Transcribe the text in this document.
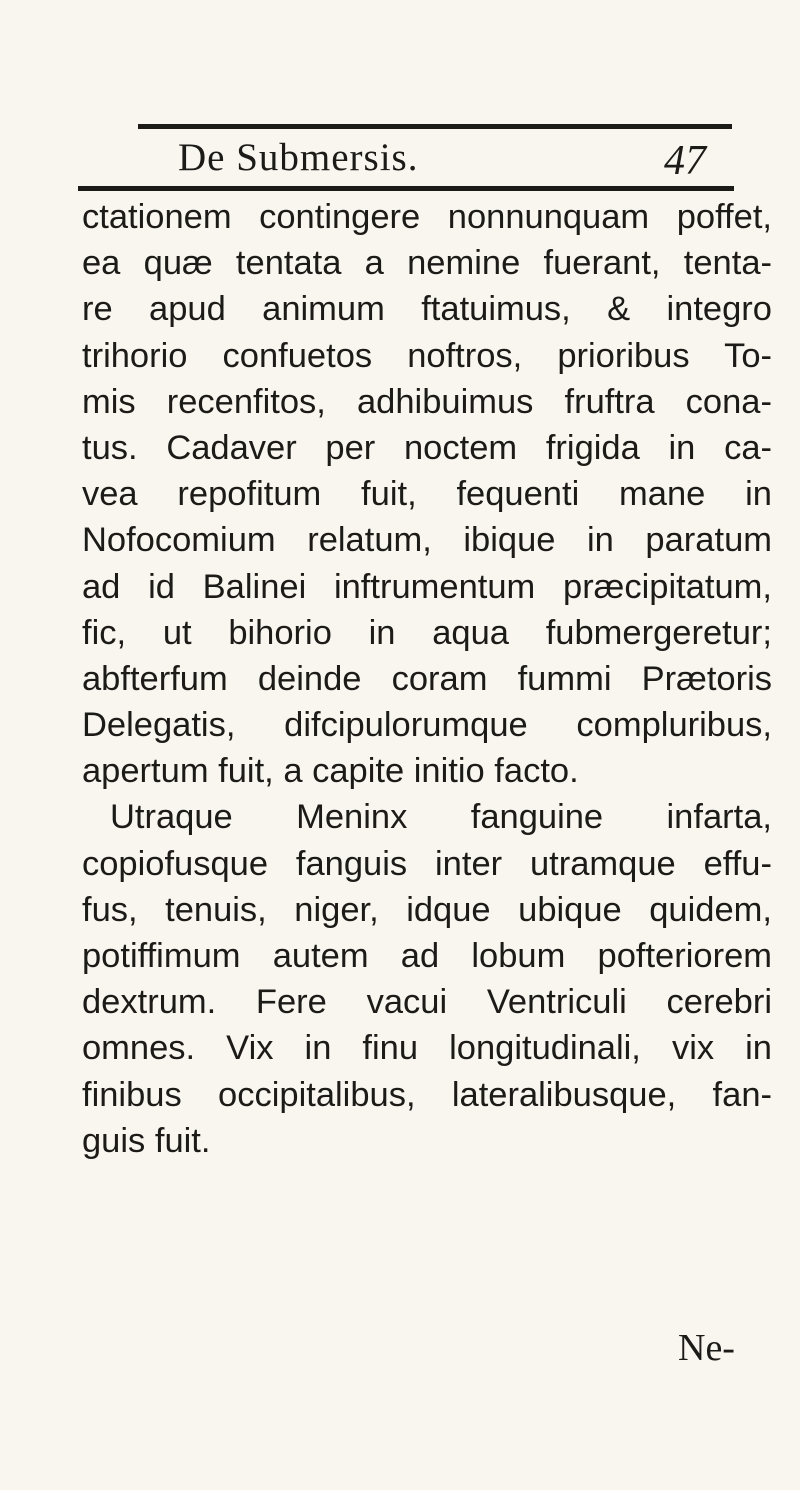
De Submersis.	47
ctationem contingere nonnunquam poffet,
ea quæ tentata a nemine fuerant, tenta-
re apud animum ftatuimus, & integro
trihorio confuetos noftros, prioribus To-
mis recenfitos, adhibuimus fruftra cona-
tus. Cadaver per noctem frigida in ca-
vea repofitum fuit, fequenti mane in
Nofocomium relatum, ibique in paratum
ad id Balinei inftrumentum præcipitatum,
fic, ut bihorio in aqua fubmergeretur;
abfterfum deinde coram fummi Prætoris
Delegatis, difcipulorumque compluribus,
apertum fuit, a capite initio facto.
Utraque Meninx fanguine infarta,
copiofusque fanguis inter utramque effu-
fus, tenuis, niger, idque ubique quidem,
potiffimum autem ad lobum pofteriorem
dextrum. Fere vacui Ventriculi cerebri
omnes. Vix in finu longitudinali, vix in
finibus occipitalibus, lateralibusque, fan-
guis fuit.
Ne-
